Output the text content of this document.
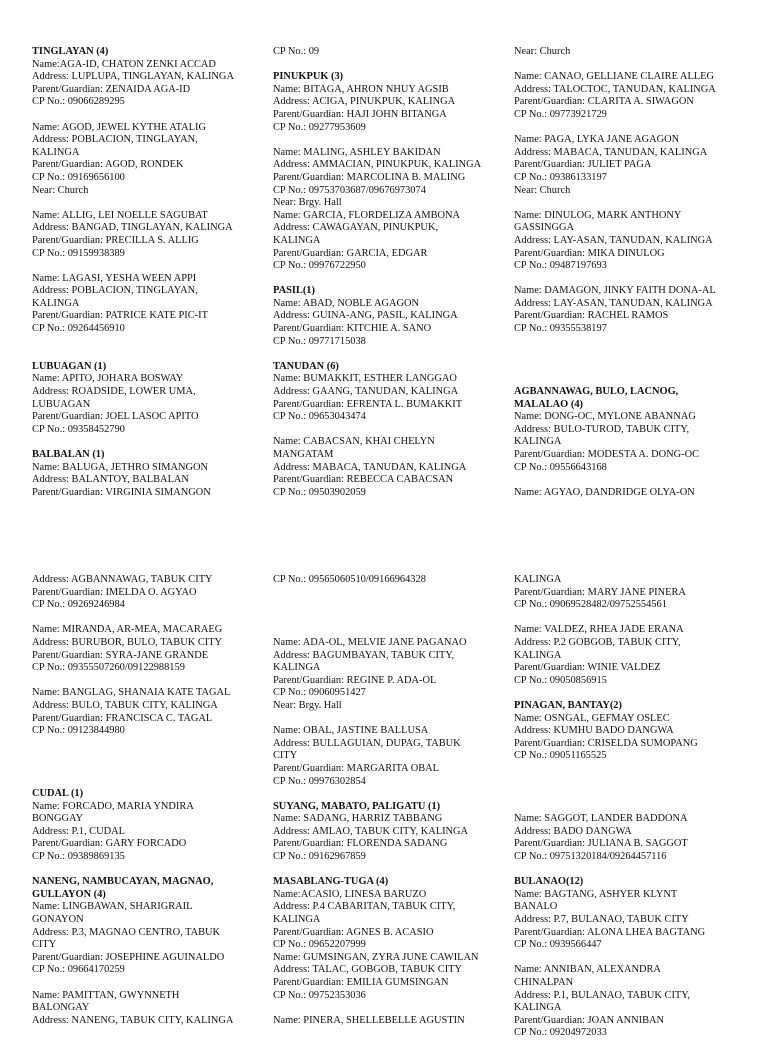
TINGLAYAN (4)
Name:AGA-ID, CHATON ZENKI ACCAD
Address: LUPLUPA, TINGLAYAN, KALINGA
Parent/Guardian: ZENAIDA AGA-ID
CP No.: 09066289295
Name: AGOD, JEWEL KYTHE ATALIG
Address: POBLACION, TINGLAYAN,
KALINGA
Parent/Guardian: AGOD, RONDEK
CP No.: 09169656100
Near: Church
Name: ALLIG, LEI NOELLE SAGUBAT
Address: BANGAD, TINGLAYAN, KALINGA
Parent/Guardian: PRECILLA S. ALLIG
CP No.: 09159938389
Name: LAGASI, YESHA WEEN APPI
Address: POBLACION, TINGLAYAN,
KALINGA
Parent/Guardian: PATRICE KATE PIC-IT
CP No.: 09264456910
LUBUAGAN (1)
Name: APITO, JOHARA BOSWAY
Address: ROADSIDE, LOWER UMA,
LUBUAGAN
Parent/Guardian: JOEL LASOC APITO
CP No.: 09358452790
BALBALAN (1)
Name: BALUGA, JETHRO SIMANGON
Address: BALANTOY, BALBALAN
Parent/Guardian: VIRGINIA SIMANGON
CP No.: 09
PINUKPUK (3)
Name: BITAGA, AHRON NHUY AGSIB
Address: ACIGA, PINUKPUK, KALINGA
Parent/Guardian: HAJI JOHN BITANGA
CP No.: 09277953609
Name: MALING, ASHLEY BAKIDAN
Address: AMMACIAN, PINUKPUK, KALINGA
Parent/Guardian: MARCOLINA B. MALING
CP No.: 09753703687/09676973074
Near: Brgy. Hall
Name: GARCIA, FLORDELIZA AMBONA
Address: CAWAGAYAN, PINUKPUK,
KALINGA
Parent/Guardian: GARCIA, EDGAR
CP No.: 09976722950
PASIL(1)
Name: ABAD, NOBLE AGAGON
Address: GUINA-ANG, PASIL, KALINGA
Parent/Guardian: KITCHIE A. SANO
CP No.: 09771715038
TANUDAN (6)
Name: BUMAKKIT, ESTHER LANGGAO
Address: GAANG, TANUDAN, KALINGA
Parent/Guardian: EFRENTA L. BUMAKKIT
CP No.: 09653043474
Name: CABACSAN, KHAI CHELYN
MANGATAM
Address: MABACA, TANUDAN, KALINGA
Parent/Guardian: REBECCA CABACSAN
CP No.: 09503902059
Near: Church
Name: CANAO, GELLIANE CLAIRE ALLEG
Address: TALOCTOC, TANUDAN, KALINGA
Parent/Guardian: CLARITA A. SIWAGON
CP No.: 09773921729
Name: PAGA, LYKA JANE AGAGON
Address: MABACA, TANUDAN, KALINGA
Parent/Guardian: JULIET PAGA
CP No.: 09386133197
Near: Church
Name: DINULOG, MARK ANTHONY
GASSINGGA
Address: LAY-ASAN, TANUDAN, KALINGA
Parent/Guardian: MIKA DINULOG
CP No.: 09487197693
Name: DAMAGON, JINKY FAITH DONA-AL
Address: LAY-ASAN, TANUDAN, KALINGA
Parent/Guardian: RACHEL RAMOS
CP No.: 09355538197
AGBANNAWAG, BULO, LACNOG,
MALALAO (4)
Name: DONG-OC, MYLONE ABANNAG
Address: BULO-TUROD, TABUK CITY,
KALINGA
Parent/Guardian: MODESTA A. DONG-OC
CP No.: 09556643168
Name: AGYAO, DANDRIDGE OLYA-ON
Address: AGBANNAWAG, TABUK CITY
Parent/Guardian: IMELDA O. AGYAO
CP No.: 09269246984
Name: MIRANDA, AR-MEA, MACARAEG
Address: BURUBOR, BULO, TABUK CITY
Parent/Guardian: SYRA-JANE GRANDE
CP No.: 09355507260/09122988159
Name: BANGLAG, SHANAIA KATE TAGAL
Address: BULO, TABUK CITY, KALINGA
Parent/Guardian: FRANCISCA C. TAGAL
CP No.: 09123844980
CUDAL (1)
Name: FORCADO, MARIA YNDIRA
BONGGAY
Address: P.1, CUDAL
Parent/Guardian: GARY FORCADO
CP No.: 09389869135
NANENG, NAMBUCAYAN, MAGNAO,
GULLAYON (4)
Name: LINGBAWAN, SHARIGRAIL
GONAYON
Address: P.3, MAGNAO CENTRO, TABUK
CITY
Parent/Guardian: JOSEPHINE AGUINALDO
CP No.: 09664170259
Name: PAMITTAN, GWYNNETH
BALONGAY
Address: NANENG, TABUK CITY, KALINGA
CP No.: 09565060510/09166964328
Name: ADA-OL, MELVIE JANE PAGANAO
Address: BAGUMBAYAN, TABUK CITY,
KALINGA
Parent/Guardian: REGINE P. ADA-OL
CP No.: 09060951427
Near: Brgy. Hall
Name: OBAL, JASTINE BALLUSA
Address: BULLAGUIAN, DUPAG, TABUK
CITY
Parent/Guardian: MARGARITA OBAL
CP No.: 09976302854
SUYANG, MABATO, PALIGATU (1)
Name: SADANG, HARRIZ TABBANG
Address: AMLAO, TABUK CITY, KALINGA
Parent/Guardian: FLORENDA SADANG
CP No.: 09162967859
MASABLANG-TUGA (4)
Name:ACASIO, LINESA BARUZO
Address: P.4 CABARITAN, TABUK CITY,
KALINGA
Parent/Guardian: AGNES B. ACASIO
CP No.: 09652207999
Name: GUMSINGAN, ZYRA JUNE CAWILAN
Address: TALAC, GOBGOB, TABUK CITY
Parent/Guardian: EMILIA GUMSINGAN
CP No.: 09752353036
Name: PINERA, SHELLEBELLE AGUSTIN
KALINGA
Parent/Guardian: MARY JANE PINERA
CP No.: 09069528482/09752554561
Name: VALDEZ, RHEA JADE ERANA
Address: P.2 GOBGOB, TABUK CITY,
KALINGA
Parent/Guardian: WINIE VALDEZ
CP No.: 09050856915
PINAGAN, BANTAY(2)
Name: OSNGAL, GEFMAY OSLEC
Address: KUMHU BADO DANGWA
Parent/Guardian: CRISELDA SUMOPANG
CP No.: 09051165525
Name: SAGGOT, LANDER BADDONA
Address: BADO DANGWA
Parent/Guardian: JULIANA B. SAGGOT
CP No.: 09751320184/09264457116
BULANAO(12)
Name: BAGTANG, ASHYER KLYNT
BANALO
Address: P.7, BULANAO, TABUK CITY
Parent/Guardian: ALONA LHEA BAGTANG
CP No.: 0939566447
Name: ANNIBAN, ALEXANDRA
CHINALPAN
Address: P.1, BULANAO, TABUK CITY,
KALINGA
Parent/Guardian: JOAN ANNIBAN
CP No.: 09204972033
